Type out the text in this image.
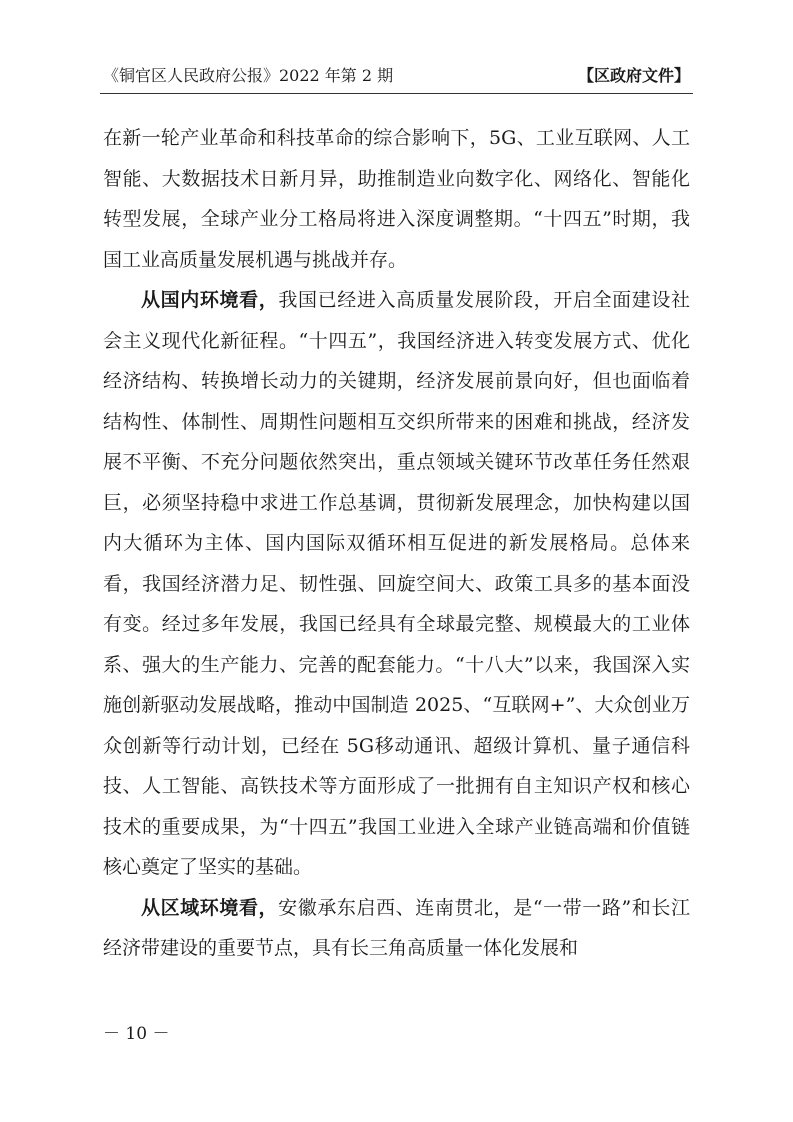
《铜官区人民政府公报》2022 年第 2 期	【区政府文件】

在新一轮产业革命和科技革命的综合影响下，5G、工业互联网、人工智能、大数据技术日新月异，助推制造业向数字化、网络化、智能化转型发展，全球产业分工格局将进入深度调整期。“十四五”时期，我国工业高质量发展机遇与挑战并存。

从国内环境看，我国已经进入高质量发展阶段，开启全面建设社会主义现代化新征程。“十四五”，我国经济进入转变发展方式、优化经济结构、转换增长动力的关键期，经济发展前景向好，但也面临着结构性、体制性、周期性问题相互交织所带来的困难和挑战，经济发展不平衡、不充分问题依然突出，重点领域关键环节改革任务任然艰巨，必须坚持稳中求进工作总基调，贯彻新发展理念，加快构建以国内大循环为主体、国内国际双循环相互促进的新发展格局。总体来看，我国经济潜力足、韧性强、回旋空间大、政策工具多的基本面没有变。经过多年发展，我国已经具有全球最完整、规模最大的工业体系、强大的生产能力、完善的配套能力。“十八大”以来，我国深入实施创新驱动发展战略，推动中国制造 2025、“互联网+”、大众创业万众创新等行动计划，已经在 5G移动通讯、超级计算机、量子通信科技、人工智能、高铁技术等方面形成了一批拥有自主知识产权和核心技术的重要成果，为“十四五”我国工业进入全球产业链高端和价值链核心奠定了坚实的基础。

从区域环境看，安徽承东启西、连南贯北，是“一带一路”和长江经济带建设的重要节点，具有长三角高质量一体化发展和

－ 10 －
